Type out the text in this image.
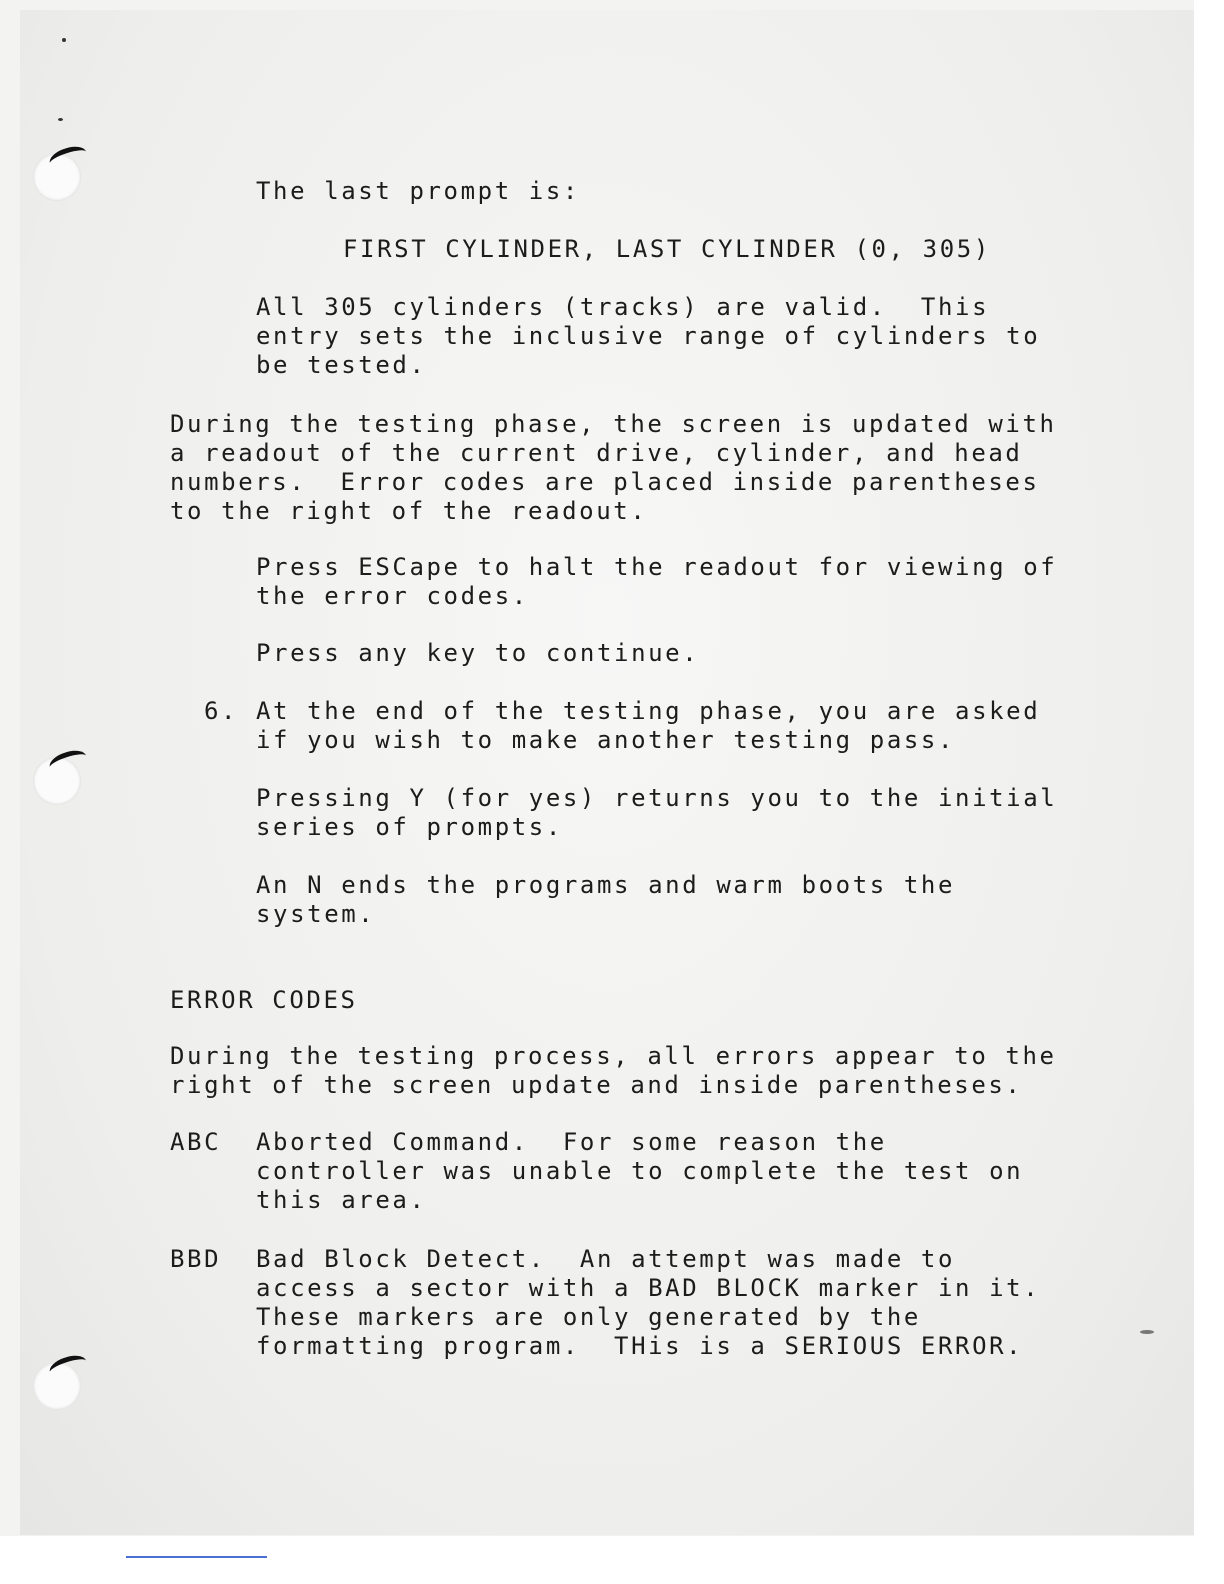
The last prompt is:

FIRST CYLINDER, LAST CYLINDER (0, 305)

All 305 cylinders (tracks) are valid.  This

entry sets the inclusive range of cylinders to

be tested.

During the testing phase, the screen is updated with

a readout of the current drive, cylinder, and head

numbers.  Error codes are placed inside parentheses

to the right of the readout.

Press ESCape to halt the readout for viewing of

the error codes.

Press any key to continue.

6. At the end of the testing phase, you are asked

if you wish to make another testing pass.

Pressing Y (for yes) returns you to the initial

series of prompts.

An N ends the programs and warm boots the

system.

ERROR CODES

During the testing process, all errors appear to the

right of the screen update and inside parentheses.

ABC Aborted Command.  For some reason the

controller was unable to complete the test on

this area.

BBD Bad Block Detect.  An attempt was made to

access a sector with a BAD BLOCK marker in it.

These markers are only generated by the

formatting program.  THis is a SERIOUS ERROR.
